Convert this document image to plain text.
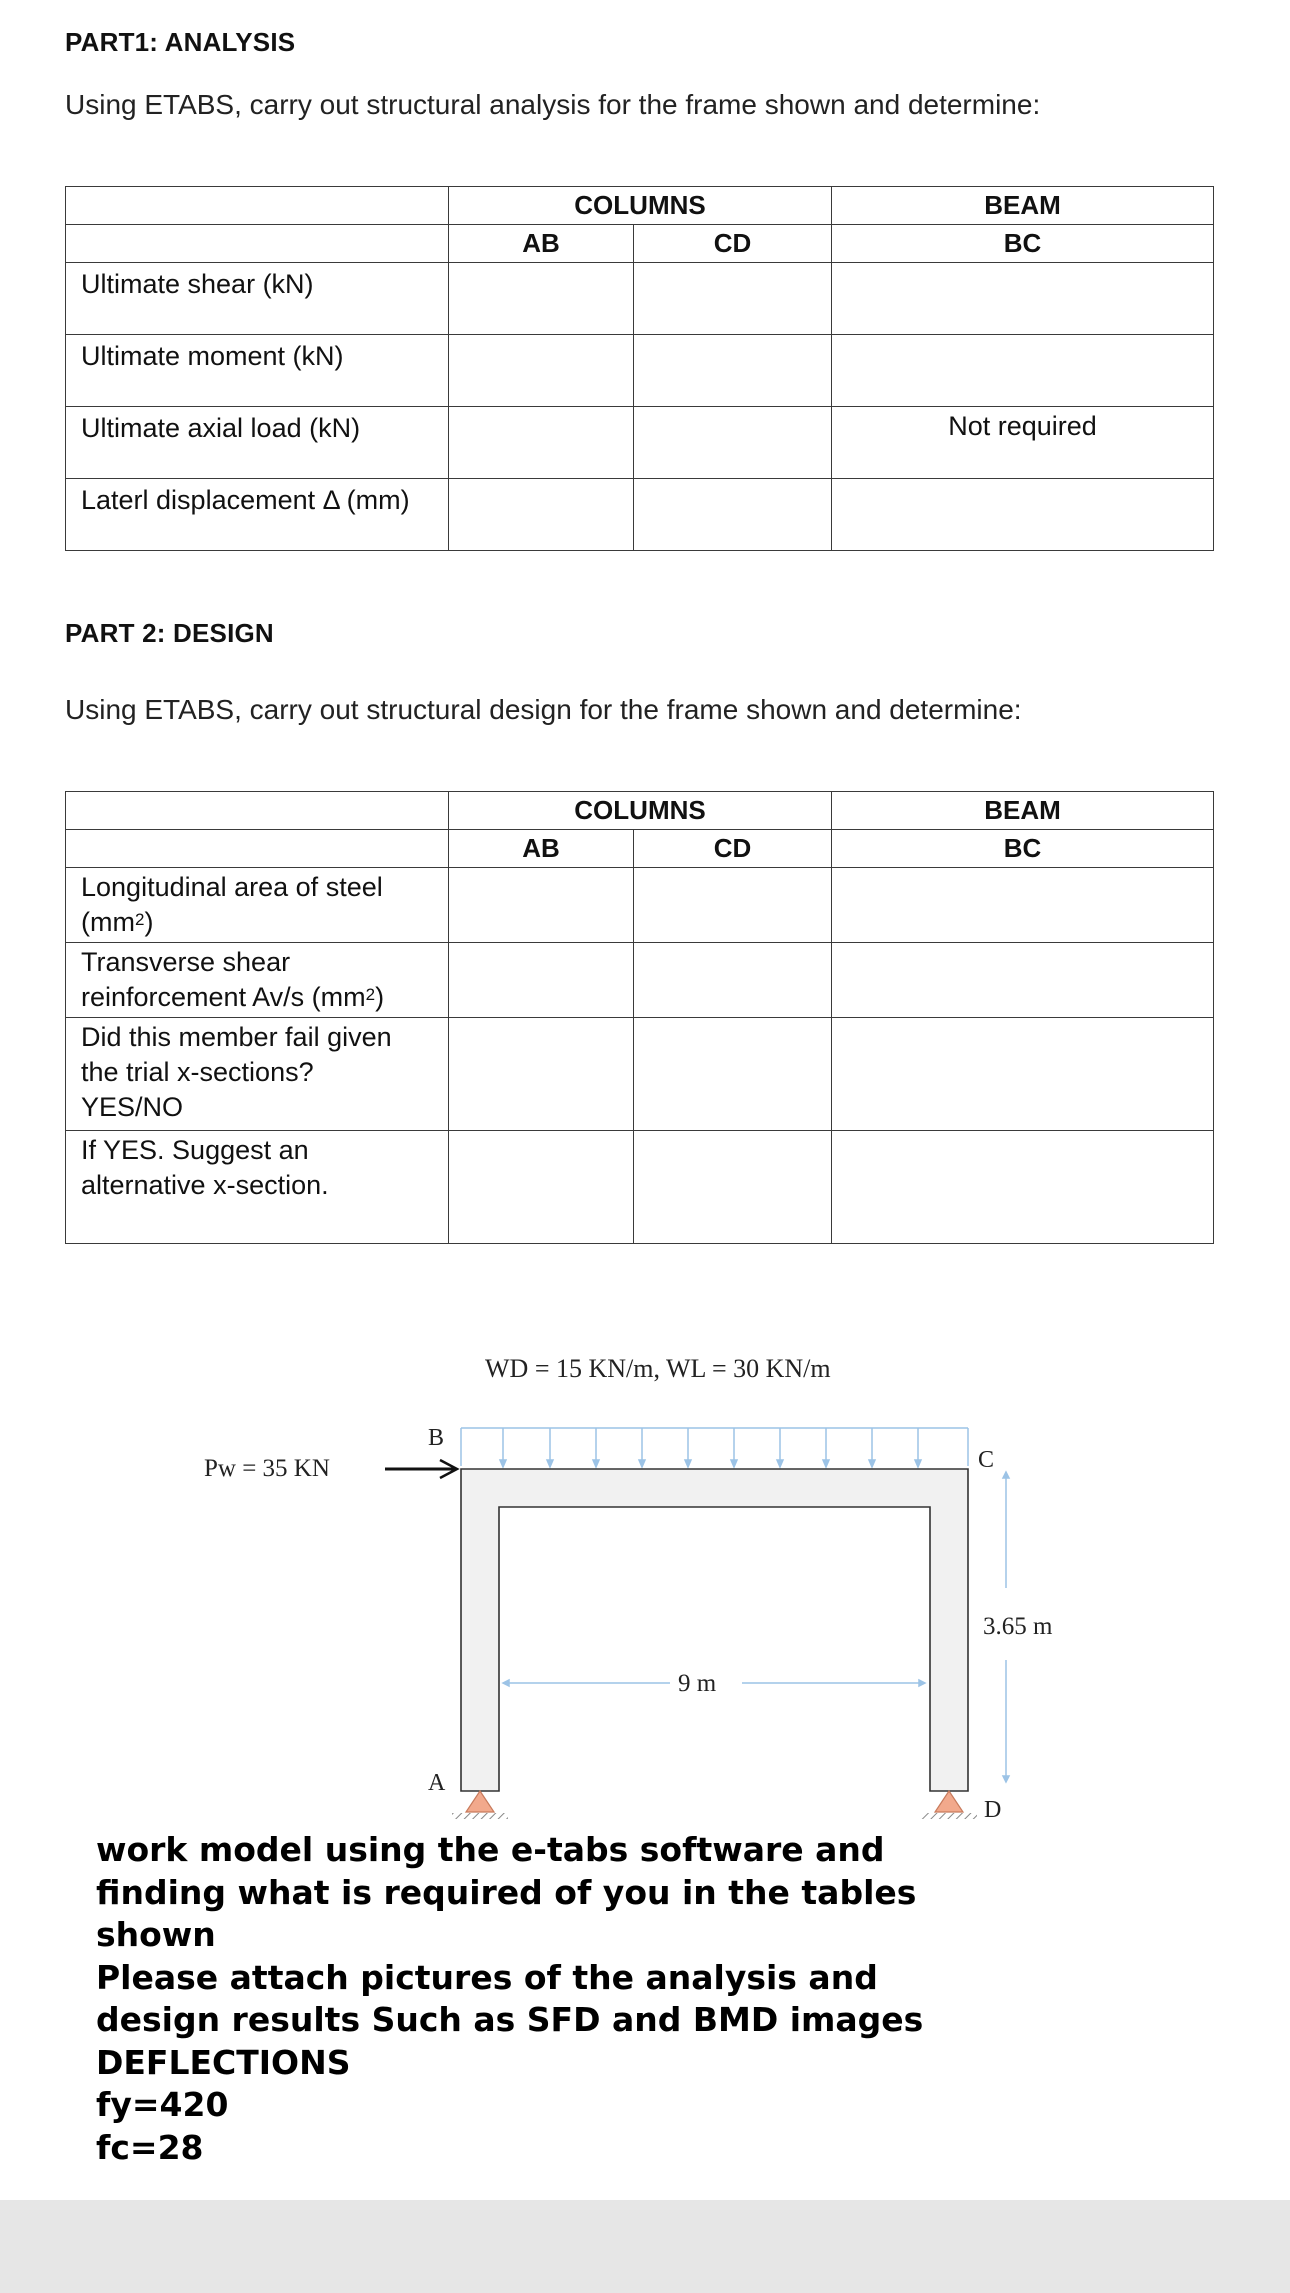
PART1: ANALYSIS
Using ETABS, carry out structural analysis for the frame shown and determine:
	COLUMNS		BEAM
	AB	CD	BC
Ultimate shear (kN)			
Ultimate moment (kN)			
Ultimate axial load (kN)			Not required
Laterl displacement Δ (mm)			
PART 2: DESIGN
Using ETABS, carry out structural design for the frame shown and determine:
	COLUMNS		BEAM
	AB	CD	BC

Longitudinal area of steel
$(mm^2)$			

Transverse shear
reinforcement Av/s $(mm^2)$			

Did this member fail given
the trial x-sections?
YES/NO			

If YES. Suggest an
alternative x-section.			

WD = 15 KN/m, WL = 30 KN/m
Pw = 35 KN
B
C
A
D
9 m
3.65 m
work model using the e-tabs software and
finding what is required of you in the tables
shown
Please attach pictures of the analysis and
design results Such as SFD and BMD images
DEFLECTIONS
fy=420
fc=28
